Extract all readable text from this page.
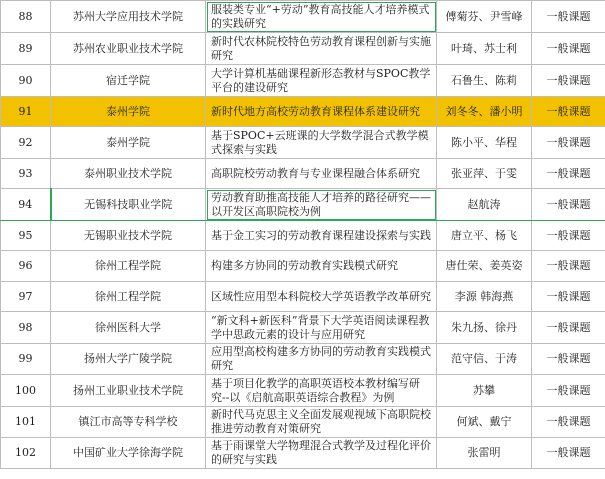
88	苏州大学应用技术学院	服装类专业“+劳动”教育高技能人才培养模式的实践研究	傅菊芬、尹雪峰	一般课题
89	苏州农业职业技术学院	新时代农林院校特色劳动教育课程创新与实施研究	叶琦、苏士利	一般课题
90	宿迁学院	大学计算机基础课程新形态教材与SPOC教学平台的建设研究	石鲁生、陈莉	一般课题
91	泰州学院	新时代地方高校劳动教育课程体系建设研究	刘冬冬、潘小明	一般课题
92	泰州学院	基于SPOC+云班课的大学数学混合式教学模式探索与实践	陈小平、华程	一般课题
93	泰州职业技术学院	高职院校劳动教育与专业课程融合体系研究	张亚萍、于雯	一般课题
94	无锡科技职业学院	劳动教育助推高技能人才培养的路径研究——以开发区高职院校为例	赵航涛	一般课题
95	无锡职业技术学院	基于金工实习的劳动教育课程建设探索与实践	唐立平、杨飞	一般课题
96	徐州工程学院	构建多方协同的劳动教育实践模式研究	唐仕荣、姜英姿	一般课题
97	徐州工程学院	区域性应用型本科院校大学英语教学改革研究	李源 韩海燕	一般课题
98	徐州医科大学	“新文科+新医科”背景下大学英语阅读课程教学中思政元素的设计与应用研究	朱九扬、徐丹	一般课题
99	扬州大学广陵学院	应用型高校构建多方协同的劳动教育实践模式研究	范守信、于涛	一般课题
100	扬州工业职业技术学院	基于项目化教学的高职英语校本教材编写研究--以《启航高职英语综合教程》为例	苏攀	一般课题
101	镇江市高等专科学校	新时代马克思主义全面发展观视域下高职院校推进劳动教育对策研究	何斌、戴宁	一般课题
102	中国矿业大学徐海学院	基于雨课堂大学物理混合式教学及过程化评价的研究与实践	张雷明	一般课题
